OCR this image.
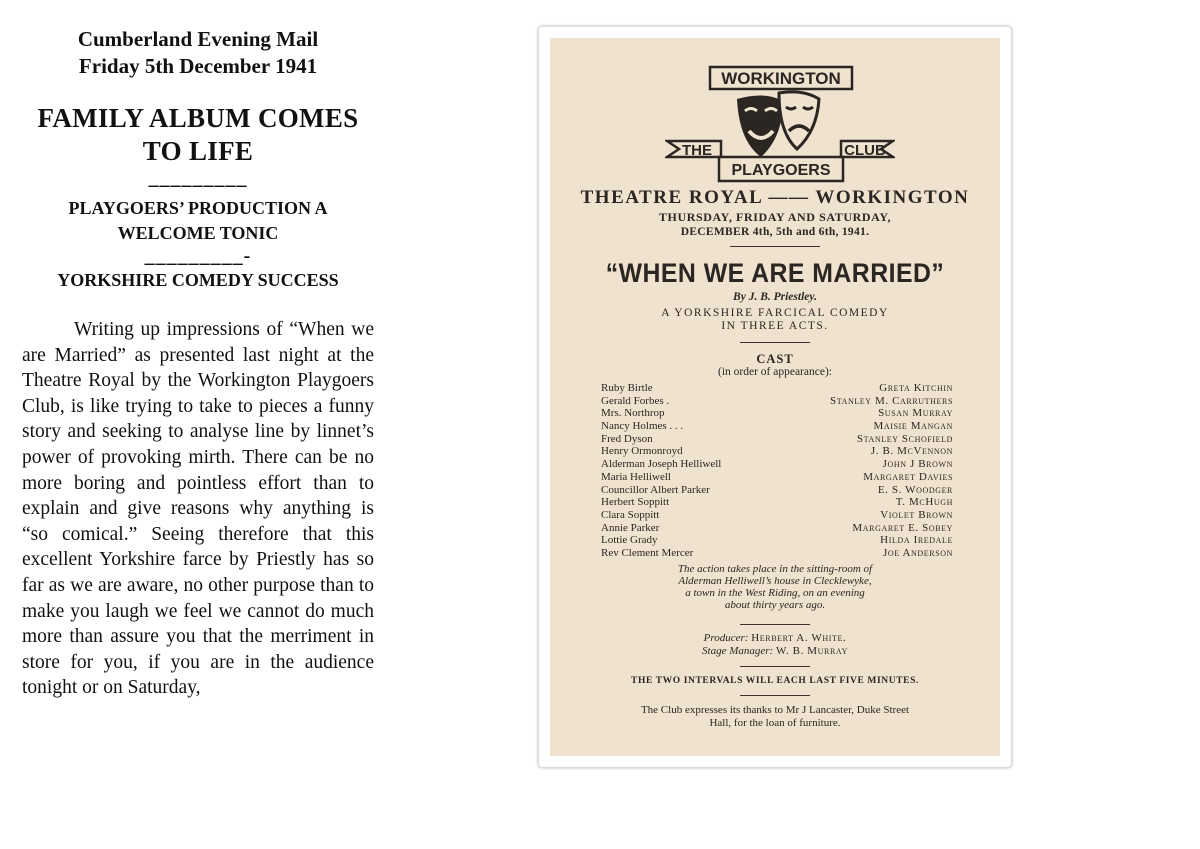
Cumberland Evening Mail

Friday 5th December 1941

FAMILY ALBUM COMES TO LIFE

_________

PLAYGOERS’ PRODUCTION A WELCOME TONIC

_________-

YORKSHIRE COMEDY SUCCESS

Writing up impressions of “When we are Married” as presented last night at the Theatre Royal by the Workington Playgoers Club, is like trying to take to pieces a funny story and seeking to analyse line by linnet’s power of provoking mirth. There can be no more boring and pointless effort than to explain and give reasons why anything is “so comical.” Seeing therefore that this excellent Yorkshire farce by Priestly has so far as we are aware, no other purpose than to make you laugh we feel we cannot do much more than assure you that the merriment in store for you, if you are in the audience tonight or on Saturday,

WORKINGTON
THE	CLUB
PLAYGOERS

THEATRE ROYAL —— WORKINGTON

THURSDAY, FRIDAY AND SATURDAY,

DECEMBER 4th, 5th and 6th, 1941.

“WHEN WE ARE MARRIED”

By J. B. Priestley.

A YORKSHIRE FARCICAL COMEDY

IN THREE ACTS.

CAST

(in order of appearance):

Ruby Birtle	Greta Kitchin
Gerald Forbes .	Stanley M. Carruthers
Mrs. Northrop	Susan Murray
Nancy Holmes . . .	Maisie Mangan
Fred Dyson	Stanley Schofield
Henry Ormonroyd	J. B. McVennon
Alderman Joseph Helliwell	John J Brown
Maria Helliwell	Margaret Davies
Councillor Albert Parker	E. S. Woodger
Herbert Soppitt	T. McHugh
Clara Soppitt	Violet Brown
Annie Parker	Margaret E. Sobey
Lottie Grady	Hilda Iredale
Rev Clement Mercer	Joe Anderson
The action takes place in the sitting-room of
Alderman Helliwell’s house in Clecklewyke,
a town in the West Riding, on an evening
about thirty years ago.
Producer: Herbert A. White.
Stage Manager: W. B. Murray

THE TWO INTERVALS WILL EACH LAST FIVE MINUTES.

The Club expresses its thanks to Mr J Lancaster, Duke Street
Hall, for the loan of furniture.
